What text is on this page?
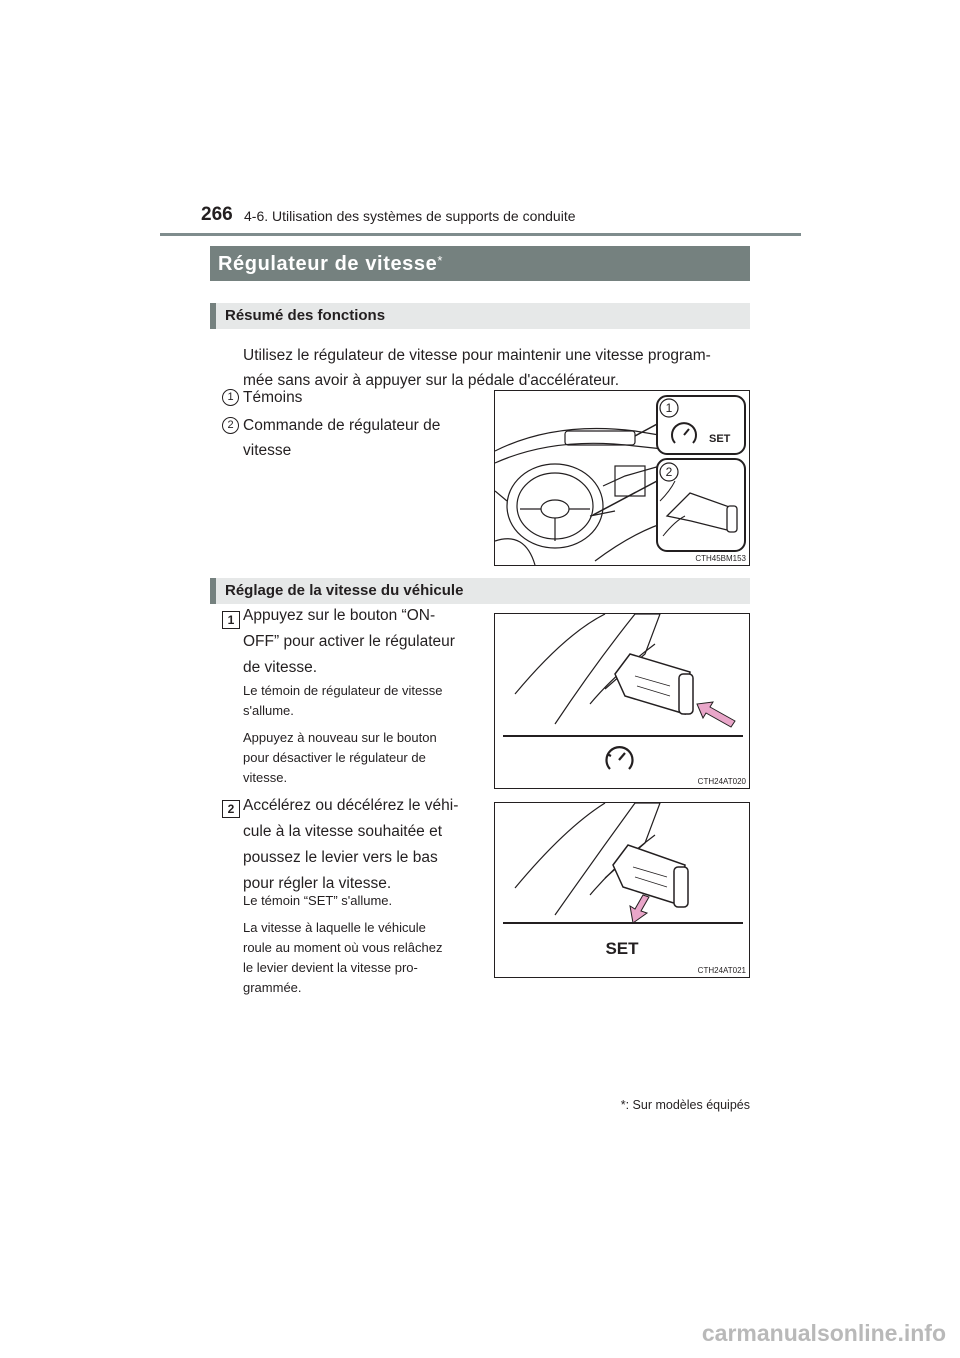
266 4-6. Utilisation des systèmes de supports de conduite
Régulateur de vitesse*
Résumé des fonctions
Utilisez le régulateur de vitesse pour maintenir une vitesse program-
mée sans avoir à appuyer sur la pédale d'accélérateur.
1 Témoins
2 Commande de régulateur de
vitesse
1
2
SET
CTH45BM153
Réglage de la vitesse du véhicule
1 Appuyez sur le bouton “ON-
OFF” pour activer le régulateur
de vitesse.
Le témoin de régulateur de vitesse
s'allume.
Appuyez à nouveau sur le bouton
pour désactiver le régulateur de
vitesse.	CTH24AT020
2 Accélérez ou décélérez le véhi-
cule à la vitesse souhaitée et
poussez le levier vers le bas
pour régler la vitesse.
Le témoin “SET” s'allume.
La vitesse à laquelle le véhicule
roule au moment où vous relâchez
le levier devient la vitesse pro-
grammée.
SET
CTH24AT021
*: Sur modèles équipés
carmanualsonline.info
